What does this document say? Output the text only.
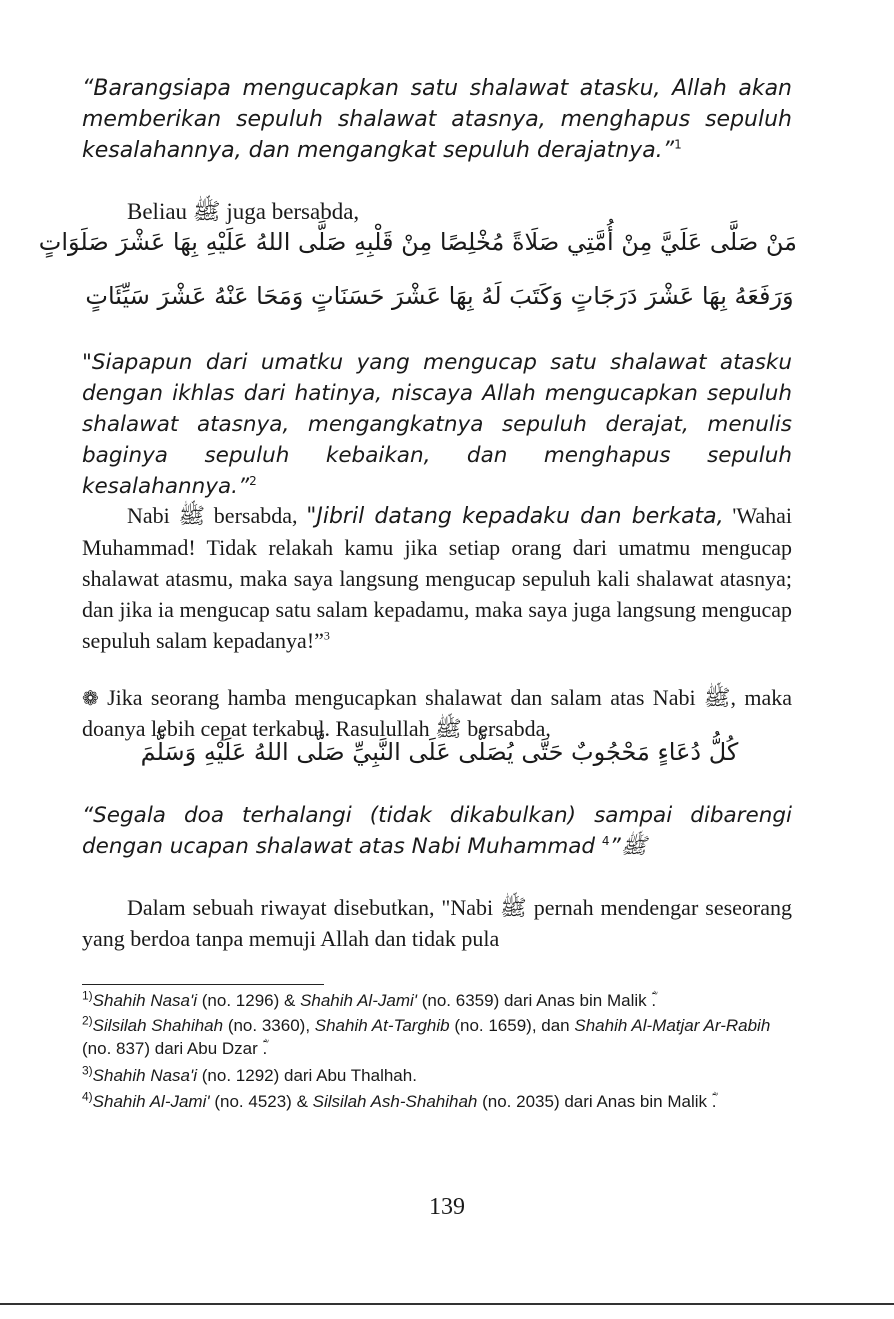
“Barangsiapa mengucapkan satu shalawat atasku, Allah akan memberikan sepuluh shalawat atasnya, menghapus sepuluh kesalahannya, dan mengangkat sepuluh derajatnya.”$^1$
Beliau ﷺ juga bersabda,
مَنْ صَلَّى عَلَيَّ مِنْ أُمَّتِي صَلَاةً مُخْلِصًا مِنْ قَلْبِهِ صَلَّى اللهُ عَلَيْهِ بِهَا عَشْرَ صَلَوَاتٍ
وَرَفَعَهُ بِهَا عَشْرَ دَرَجَاتٍ وَكَتَبَ لَهُ بِهَا عَشْرَ حَسَنَاتٍ وَمَحَا عَنْهُ عَشْرَ سَيِّئَاتٍ
"Siapapun dari umatku yang mengucap satu shalawat atasku dengan ikhlas dari hatinya, niscaya Allah mengucapkan sepuluh shalawat atasnya, mengangkatnya sepuluh derajat, menulis baginya sepuluh kebaikan, dan menghapus sepuluh kesalahannya.”$^2$
Nabi ﷺ bersabda, "Jibril datang kepadaku dan berkata, 'Wahai Muhammad! Tidak relakah kamu jika setiap orang dari umatmu mengucap shalawat atasmu, maka saya langsung mengucap sepuluh kali shalawat atasnya; dan jika ia mengucap satu salam kepadamu, maka saya juga langsung mengucap sepuluh salam kepadanya!”$^3$
❁ Jika seorang hamba mengucapkan shalawat dan salam atas Nabi ﷺ, maka doanya lebih cepat terkabul. Rasulullah ﷺ bersabda,
كُلُّ دُعَاءٍ مَحْجُوبٌ حَتَّى يُصَلَّى عَلَى النَّبِيِّ صَلَّى اللهُ عَلَيْهِ وَسَلَّمَ
“Segala doa terhalangi (tidak dikabulkan) sampai dibarengi dengan ucapan shalawat atas Nabi Muhammad ﷺ”$^4$
Dalam sebuah riwayat disebutkan, "Nabi ﷺ pernah mendengar seseorang yang berdoa tanpa memuji Allah dan tidak pula
$^{1)}$Shahih Nasa'i (no. 1296) & Shahih Al-Jami' (no. 6359) dari Anas bin Malik ؓ.
$^{2)}$Silsilah Shahihah (no. 3360), Shahih At-Targhib (no. 1659), dan Shahih Al-Matjar Ar-Rabih (no. 837) dari Abu Dzar ؓ.
$^{3)}$Shahih Nasa'i (no. 1292) dari Abu Thalhah.
$^{4)}$Shahih Al-Jami' (no. 4523) & Silsilah Ash-Shahihah (no. 2035) dari Anas bin Malik ؓ.
139
